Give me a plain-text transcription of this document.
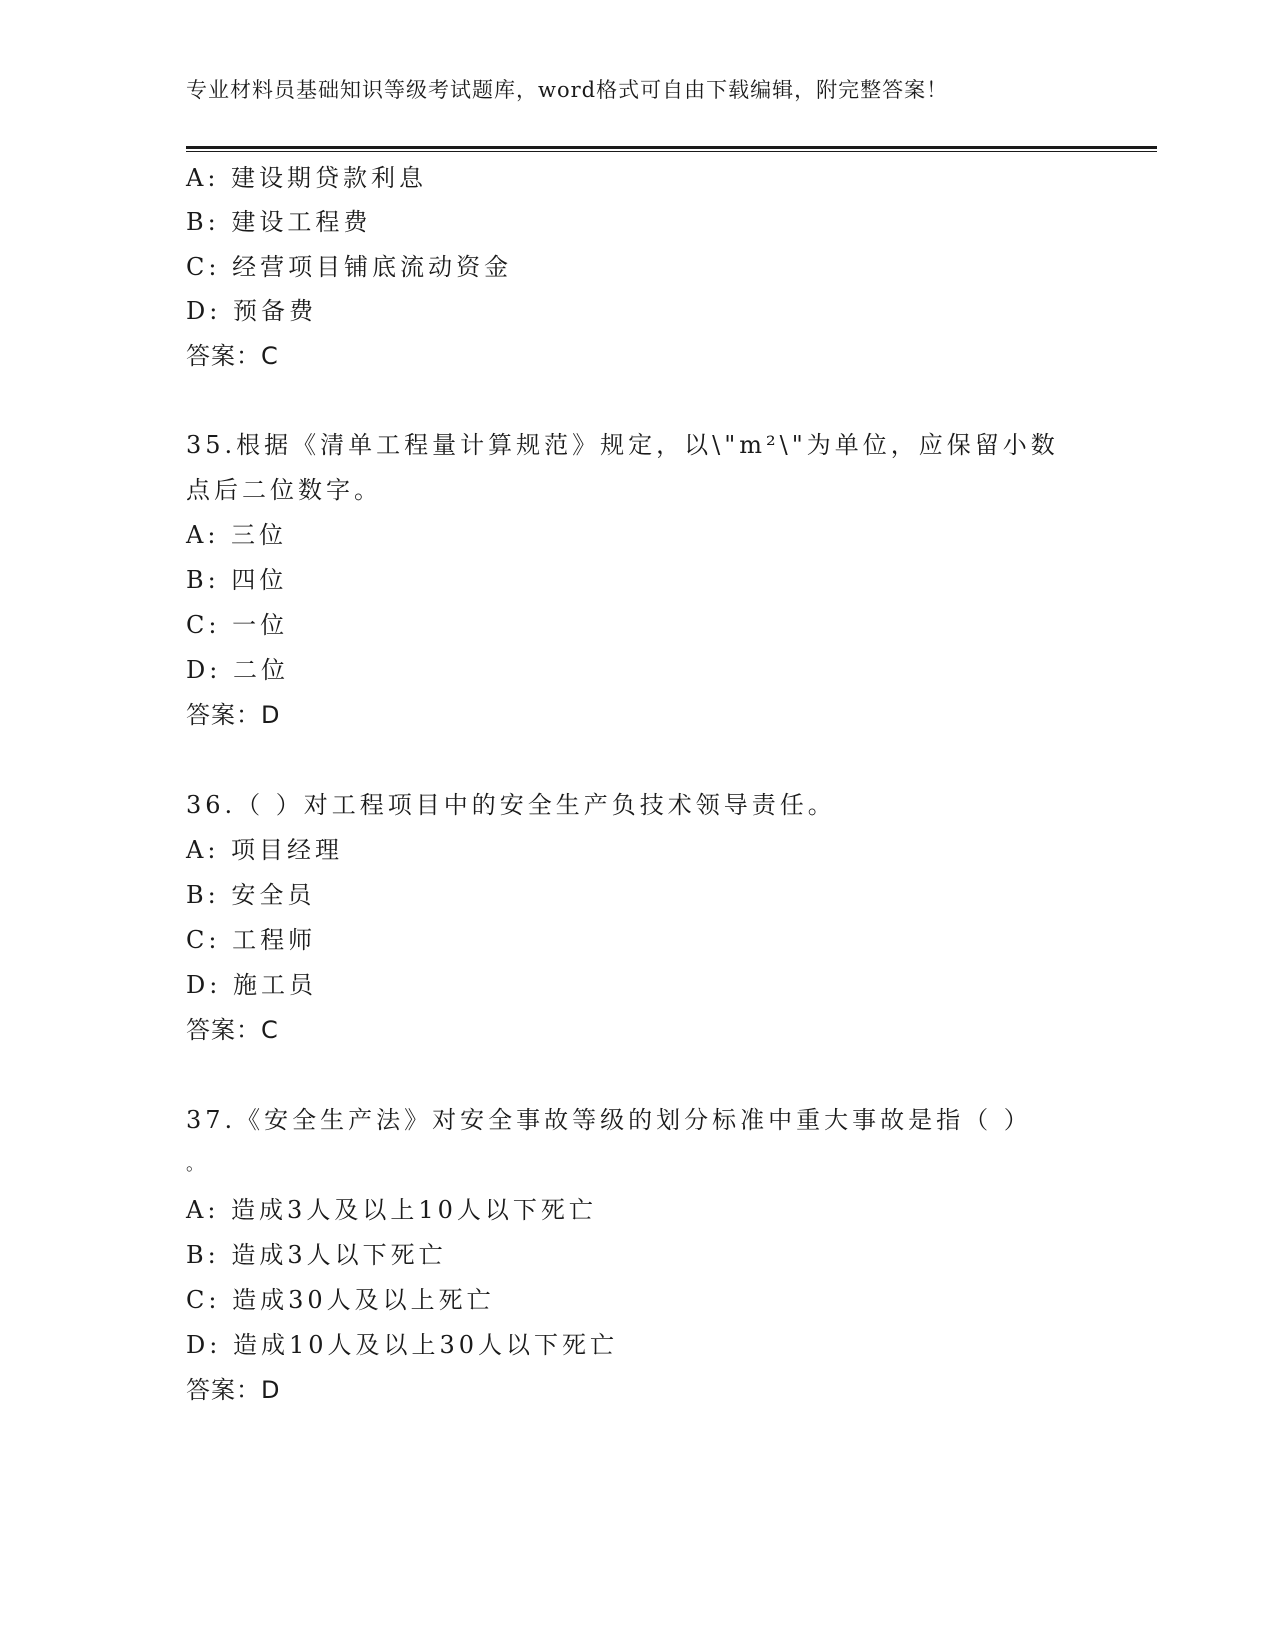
专业材料员基础知识等级考试题库，word格式可自由下载编辑，附完整答案！
A: 建设期贷款利息
B: 建设工程费
C: 经营项目铺底流动资金
D: 预备费
答案：C
35.根据《清单工程量计算规范》规定，以\"m²\"为单位，应保留小数
点后二位数字。
A: 三位
B: 四位
C: 一位
D: 二位
答案：D
36.（ ）对工程项目中的安全生产负技术领导责任。
A: 项目经理
B: 安全员
C: 工程师
D: 施工员
答案：C
37.《安全生产法》对安全事故等级的划分标准中重大事故是指（ ）
。
A: 造成3人及以上10人以下死亡
B: 造成3人以下死亡
C: 造成30人及以上死亡
D: 造成10人及以上30人以下死亡
答案：D
